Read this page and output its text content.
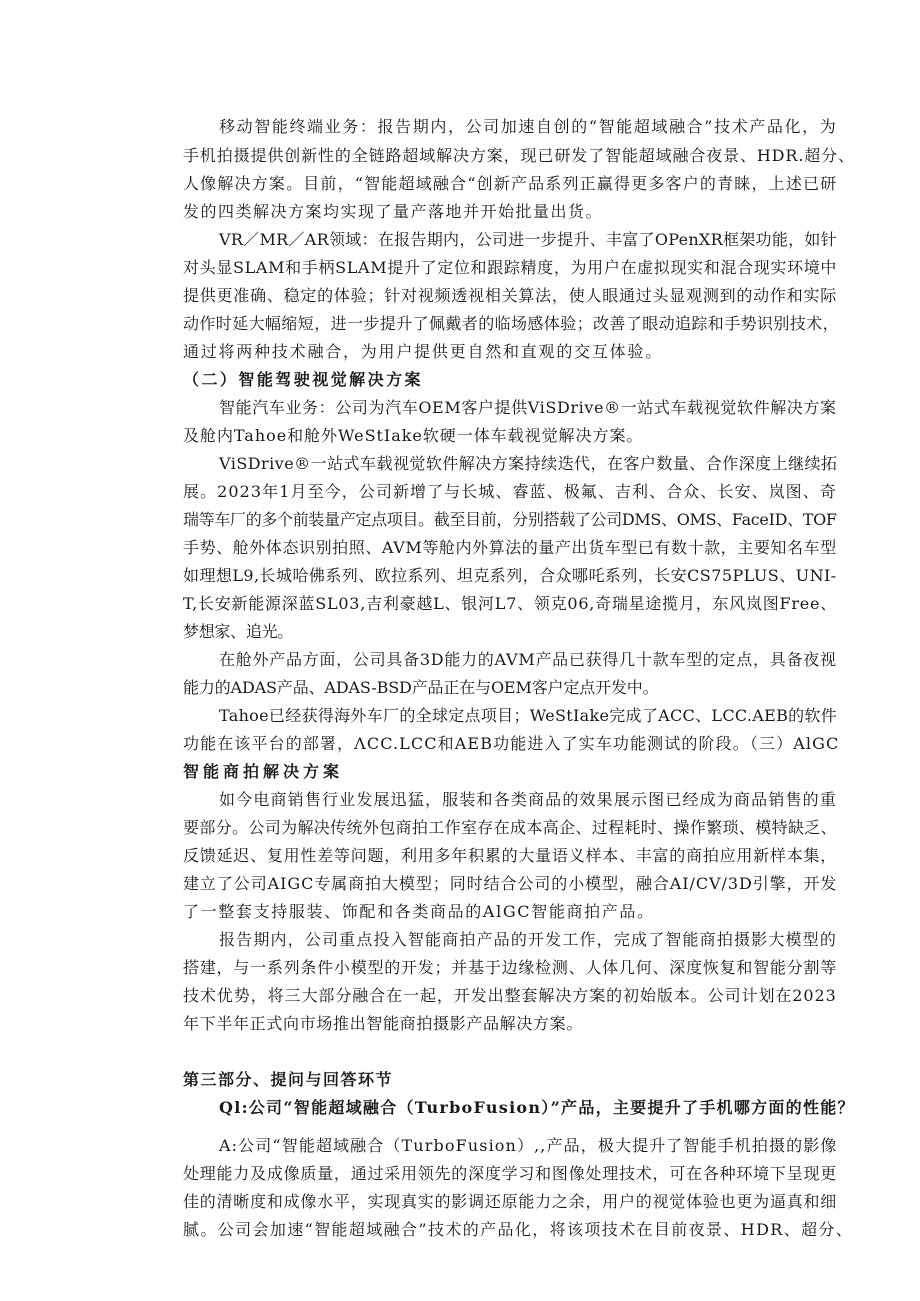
移动智能终端业务：报告期内，公司加速自创的“智能超域融合”技术产品化，为
手机拍摄提供创新性的全链路超域解决方案，现已研发了智能超域融合夜景、HDR.超分、
人像解决方案。目前，“智能超域融合“创新产品系列正赢得更多客户的青睐，上述已研
发的四类解决方案均实现了量产落地并开始批量出货。
VR／MR／AR领域：在报告期内，公司进一步提升、丰富了OPenXR框架功能，如针
对头显SLAM和手柄SLAM提升了定位和跟踪精度，为用户在虚拟现实和混合现实环境中
提供更准确、稳定的体验；针对视频透视相关算法，使人眼通过头显观测到的动作和实际
动作时延大幅缩短，进一步提升了佩戴者的临场感体验；改善了眼动追踪和手势识别技术，
通过将两种技术融合，为用户提供更自然和直观的交互体验。
（二）智能驾驶视觉解决方案
智能汽车业务：公司为汽车OEM客户提供ViSDrive®一站式车载视觉软件解决方案
及舱内Tahoe和舱外WeStIake软硬一体车载视觉解决方案。
ViSDrive®一站式车载视觉软件解决方案持续迭代，在客户数量、合作深度上继续拓
展。2023年1月至今，公司新增了与长城、睿蓝、极氟、吉利、合众、长安、岚图、奇
瑞等车厂的多个前装量产定点项目。截至目前，分别搭载了公司DMS、OMS、FaceID、TOF
手势、舱外体态识别拍照、AVM等舱内外算法的量产出货车型已有数十款，主要知名车型
如理想L9,长城哈佛系列、欧拉系列、坦克系列，合众哪吒系列，长安CS75PLUS、UNI-
T,长安新能源深蓝SL03,吉利豪越L、银河L7、领克06,奇瑞星途揽月，东风岚图Free、
梦想家、追光。
在舱外产品方面，公司具备3D能力的AVM产品已获得几十款车型的定点，具备夜视
能力的ADAS产品、ADAS-BSD产品正在与OEM客户定点开发中。
Tahoe已经获得海外车厂的全球定点项目；WeStIake完成了ACC、LCC.AEB的软件
功能在该平台的部署，ΛCC.LCC和AEB功能进入了实车功能测试的阶段。（三）AlGC
智能商拍解决方案
如今电商销售行业发展迅猛，服装和各类商品的效果展示图已经成为商品销售的重
要部分。公司为解决传统外包商拍工作室存在成本高企、过程耗时、操作繁琐、模特缺乏、
反馈延迟、复用性差等问题，利用多年积累的大量语义样本、丰富的商拍应用新样本集，
建立了公司AIGC专属商拍大模型；同时结合公司的小模型，融合AI/CV/3D引擎，开发
了一整套支持服装、饰配和各类商品的AlGC智能商拍产品。
报告期内，公司重点投入智能商拍产品的开发工作，完成了智能商拍摄影大模型的
搭建，与一系列条件小模型的开发；并基于边缘检测、人体几何、深度恢复和智能分割等
技术优势，将三大部分融合在一起，开发出整套解决方案的初始版本。公司计划在2023
年下半年正式向市场推出智能商拍摄影产品解决方案。
第三部分、提问与回答环节
Ql:公司“智能超域融合（TurboFusion）”产品，主要提升了手机哪方面的性能？
A:公司“智能超域融合（TurboFusion）,,产品，极大提升了智能手机拍摄的影像
处理能力及成像质量，通过采用领先的深度学习和图像处理技术，可在各种环境下呈现更
佳的清晰度和成像水平，实现真实的影调还原能力之余，用户的视觉体验也更为逼真和细
腻。公司会加速“智能超域融合”技术的产品化，将该项技术在目前夜景、HDR、超分、
